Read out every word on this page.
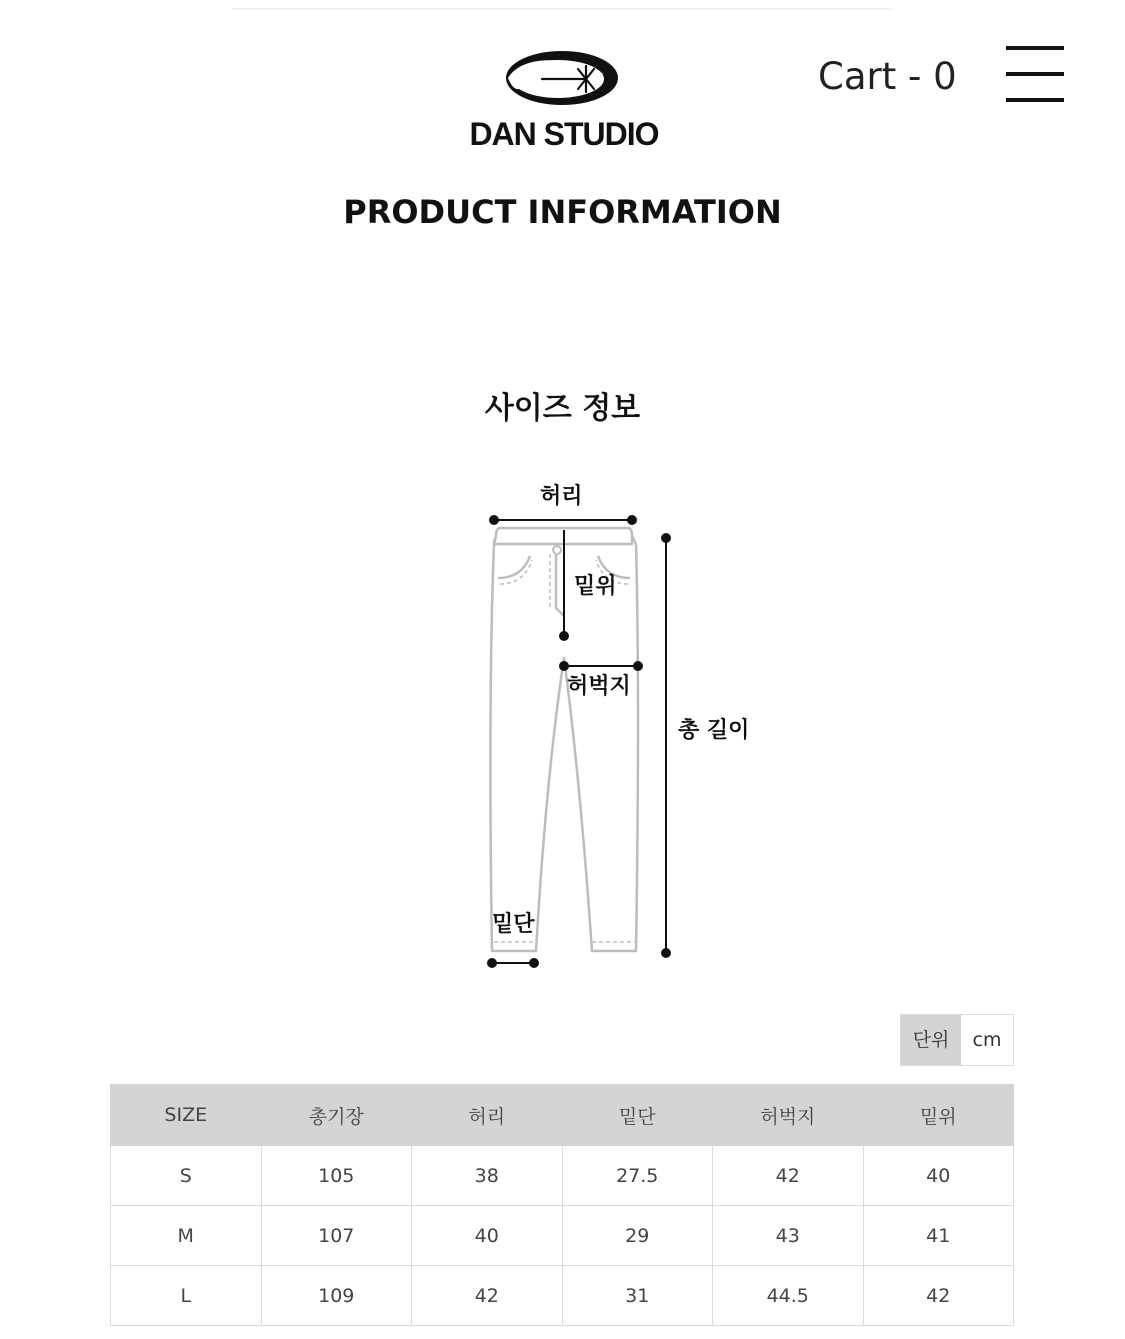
DAN STUDIO
Cart - 0
PRODUCT INFORMATION
사이즈 정보
허리
밑위
허벅지
총 길이
밑단
단위	cm
SIZE	총기장	허리	밑단	허벅지	밑위
S	105	38	27.5	42	40
M	107	40	29	43	41
L	109	42	31	44.5	42
